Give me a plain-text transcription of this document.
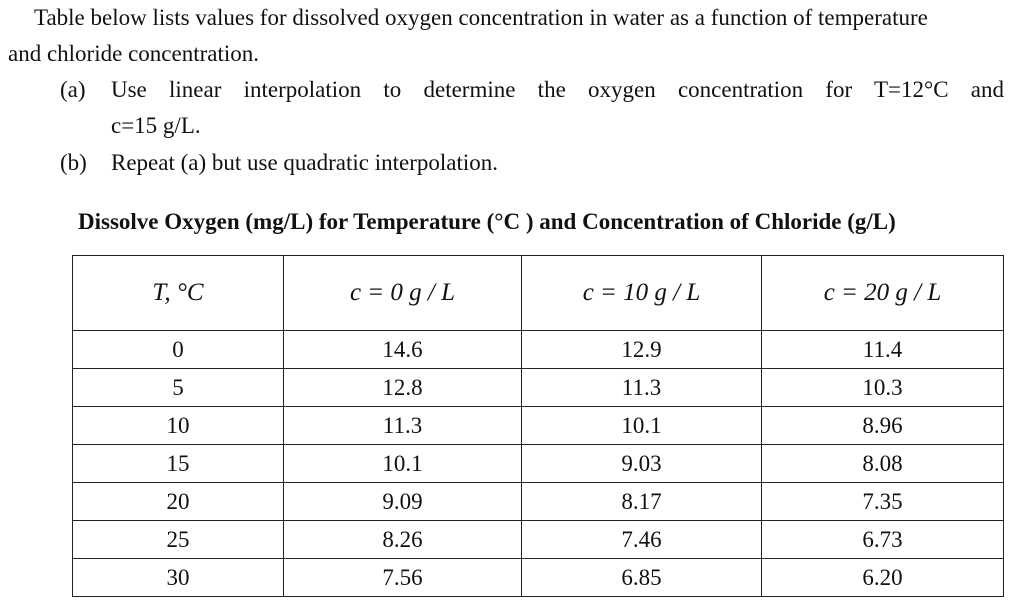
Table below lists values for dissolved oxygen concentration in water as a function of temperature
and chloride concentration.

(a) Use linear interpolation to determine the oxygen concentration for T=12°C and
c=15 g/L.
(b) Repeat (a) but use quadratic interpolation.
Dissolve Oxygen (mg/L) for Temperature (°C ) and Concentration of Chloride (g/L)
T, °C	c = 0 g / L	c = 10 g / L	c = 20 g / L
0	14.6	12.9	11.4
5	12.8	11.3	10.3
10	11.3	10.1	8.96
15	10.1	9.03	8.08
20	9.09	8.17	7.35
25	8.26	7.46	6.73
30	7.56	6.85	6.20
